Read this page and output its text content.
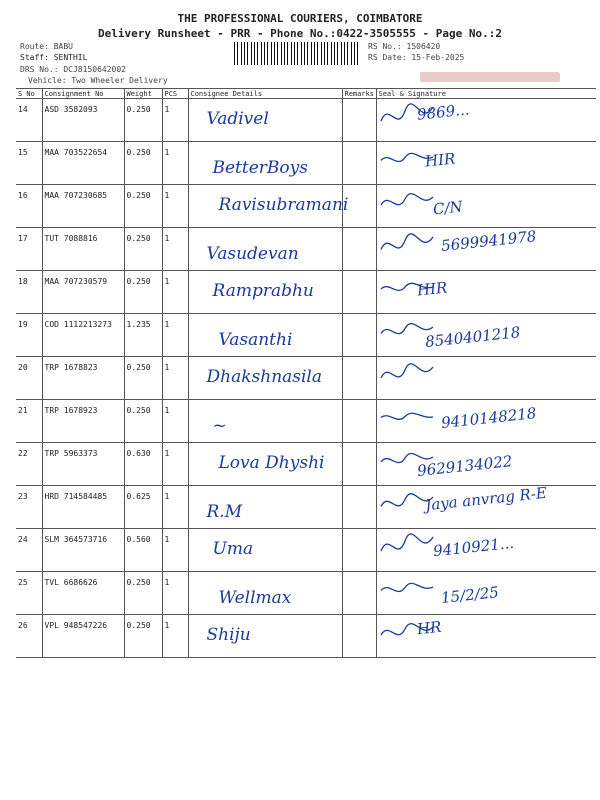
THE PROFESSIONAL COURIERS, COIMBATORE
Delivery Runsheet - PRR - Phone No.:0422-3505555 - Page No.:2
Route: BABU
Staff: SENTHIL
DRS No.: DCJ8150642002
Vehicle: Two Wheeler Delivery
RS No.: 1506420
RS Date: 15-Feb-2025
S No	Consignment No	Weight	PCS	Consignee Details	Remarks	Seal & Signature
14	ASD 3582093	0.250	1	Vadivel		9869...

15	MAA 703522654	0.250	1	BetterBoys		HIR

16	MAA 707230685	0.250	1	Ravisubramani		C/N

17	TUT 7088816	0.250	1	Vasudevan		5699941978

18	MAA 707230579	0.250	1	Ramprabhu		HIR

19	COD 1112213273	1.235	1	Vasanthi		8540401218

20	TRP 1678823	0.250	1	Dhakshnasila

21	TRP 1678923	0.250	1	~		9410148218

22	TRP 5963373	0.630	1	Lova Dhyshi		9629134022

23	HRD 714584485	0.625	1	R.M		Jaya anvrag R-E

24	SLM 364573716	0.560	1	Uma		9410921...

25	TVL 6686626	0.250	1	Wellmax		15/2/25

26	VPL 948547226	0.250	1	Shiju		HR
